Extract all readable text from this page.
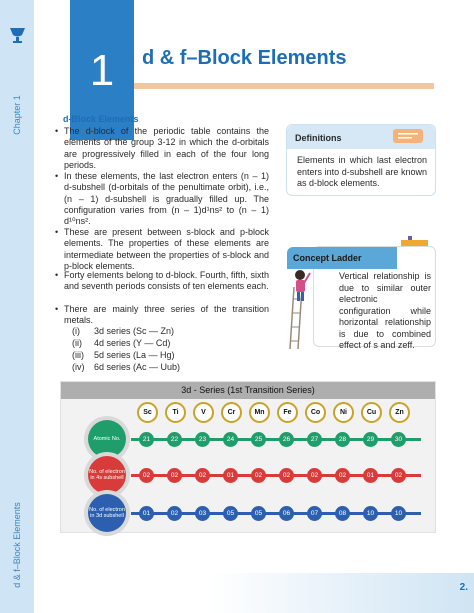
Chapter 1
d & f–Block Elements
1	d & f–Block Elements
d-Block Elements
• The d-block of the periodic table contains the elements of the group 3-12 in which the d-orbitals are progressively filled in each of the four long periods.
• In these elements, the last electron enters (n – 1) d-subshell (d-orbitals of the penultimate orbit), i.e., (n – 1) d-subshell is gradually filled up. The configuration varies from (n – 1)d¹ns² to (n – 1) d¹⁰ns².
• These are present between s-block and p-block elements. The properties of these elements are intermediate between the properties of s-block and p-block elements.
• Forty elements belong to d-block. Fourth, fifth, sixth and seventh periods consists of ten elements each.
• There are mainly three series of the transition metals.
(i) 3d series (Sc — Zn)
(ii) 4d series (Y — Cd)
(iii) 5d series (La — Hg)
(iv) 6d series (Ac — Uub)
Definitions
Elements in which last electron enters into d-subshell are known as d-block elements.
Concept Ladder
Vertical relationship is due to similar outer electronic configuration while horizontal relationship is due to combined effect of s and zeff.
3d - Series (1st Transition Series)
Sc	Ti	V	Cr	Mn	Fe	Co	Ni	Cu	Zn
Atomic No.	21	22	23	24	25	26	27	28	29	30
No. of electron in 4s subshell	02	02	02	01	02	02	02	02	01	02
No. of electron in 3d subshell	01	02	03	05	05	06	07	08	10	10
2.
